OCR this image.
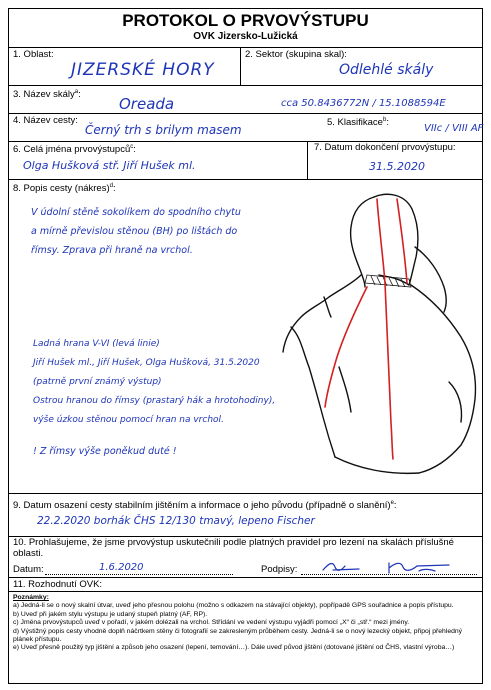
PROTOKOL O PRVOVÝSTUPU
OVK Jizersko-Lužická
1. Oblast:
JIZERSKÉ HORY
2. Sektor (skupina skal):
Odlehlé skály
3. Název skály$^a$:
Oreada	cca 50.8436772N / 15.1088594E
4. Název cesty:
Černý trh s brilym masem
5. Klasifikace$^b$:
VIIc / VIII AF
6. Celá jména prvovýstupců$^c$:
Olga Hušková stř. Jiří Hušek ml.
7. Datum dokončení prvovýstupu:
31.5.2020
8. Popis cesty (nákres)$^d$:
V údolní stěně sokolíkem do spodního chytu
a mírně převislou stěnou (BH) po lištách do
římsy. Zprava při hraně na vrchol.
Ladná hrana V-VI (levá linie)
Jiří Hušek ml., Jiří Hušek, Olga Hušková, 31.5.2020
(patrně první známý výstup)
Ostrou hranou do římsy (prastarý hák a hrotohodiny),
výše úzkou stěnou pomocí hran na vrchol.
! Z římsy výše poněkud duté !
9. Datum osazení cesty stabilním jištěním a informace o jeho původu (případně o slanění)$^e$:
22.2.2020 borhák ČHS 12/130 tmavý, lepeno Fischer
10. Prohlašujeme, že jsme prvovýstup uskutečnili podle platných pravidel pro lezení na skalách příslušné oblasti.
Datum:	1.6.2020	Podpisy:
11. Rozhodnutí OVK:
Poznámky:
a) Jedná-li se o nový skalní útvar, uveď jeho přesnou polohu (možno s odkazem na stávající objekty), popřípadě GPS souřadnice a popis přístupu.
b) Uveď při jakém stylu výstupu je udaný stupeň platný (AF, RP).
c) Jména prvovýstupců uveď v pořadí, v jakém dolézali na vrchol. Střídání ve vedení výstupu vyjádři pomocí „X“ či „stř.“ mezi jmény.
d) Výstižný popis cesty vhodně doplň náčrtkem stěny či fotografií se zakresleným průběhem cesty. Jedná-li se o nový lezecký objekt, připoj přehledný plánek přístupu.
e) Uveď přesně použitý typ jištění a způsob jeho osazení (lepení, temování…). Dále uveď původ jištění (dotované jištění od ČHS, vlastní výroba…)
